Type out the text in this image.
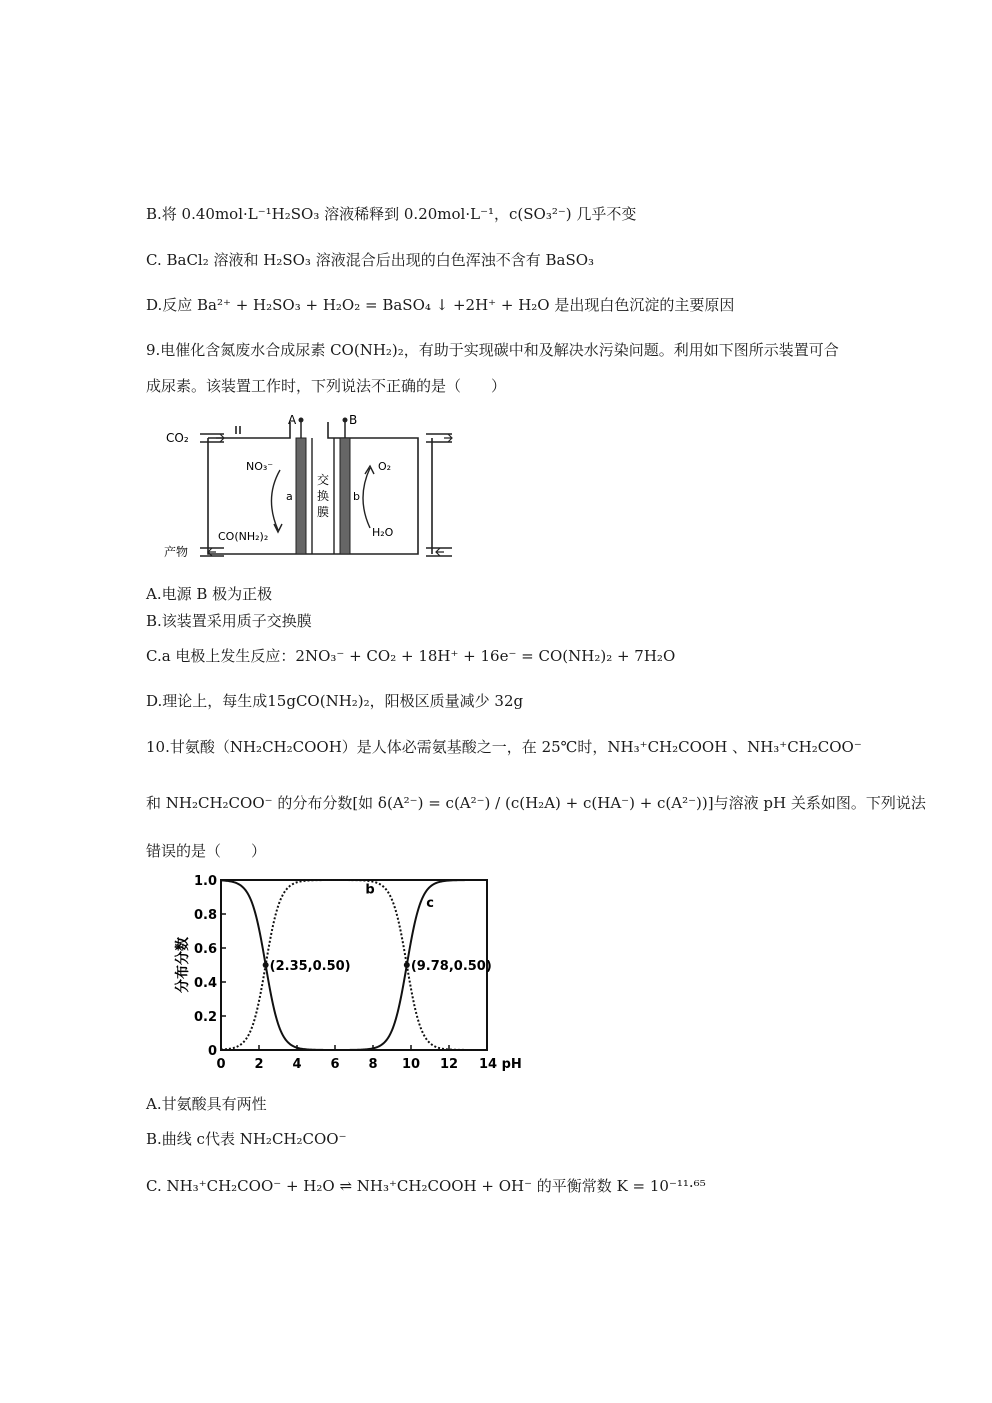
B.将 0.40mol·L⁻¹H₂SO₃ 溶液稀释到 0.20mol·L⁻¹，c(SO₃²⁻) 几乎不变
C. BaCl₂ 溶液和 H₂SO₃ 溶液混合后出现的白色浑浊不含有 BaSO₃
D.反应 Ba²⁺ + H₂SO₃ + H₂O₂ = BaSO₄ ↓ +2H⁺ + H₂O 是出现白色沉淀的主要原因
9.电催化含氮废水合成尿素 CO(NH₂)₂，有助于实现碳中和及解决水污染问题。利用如下图所示装置可合
成尿素。该装置工作时，下列说法不正确的是（　　）
A	B
CO₂
产物
NO₃⁻
CO(NH₂)₂
a	b
交
换
膜
O₂
H₂O
A.电源 B 极为正极
B.该装置采用质子交换膜
C.a 电极上发生反应：2NO₃⁻ + CO₂ + 18H⁺ + 16e⁻ = CO(NH₂)₂ + 7H₂O
D.理论上，每生成15gCO(NH₂)₂，阳极区质量减少 32g
10.甘氨酸（NH₂CH₂COOH）是人体必需氨基酸之一，在 25℃时，NH₃⁺CH₂COOH 、NH₃⁺CH₂COO⁻
和 NH₂CH₂COO⁻ 的分布分数[如 δ(A²⁻) = c(A²⁻) / (c(H₂A) + c(HA⁻) + c(A²⁻))]与溶液 pH 关系如图。下列说法
错误的是（　　）
分布分数
0
0.2
0.4
0.6
0.8
1.0
0 2 4 6 8 10 12 14 pH
b
c
(2.35,0.50)	(9.78,0.50)
A.甘氨酸具有两性
B.曲线 c代表 NH₂CH₂COO⁻
C. NH₃⁺CH₂COO⁻ + H₂O ⇌ NH₃⁺CH₂COOH + OH⁻ 的平衡常数 K = 10⁻¹¹·⁶⁵
